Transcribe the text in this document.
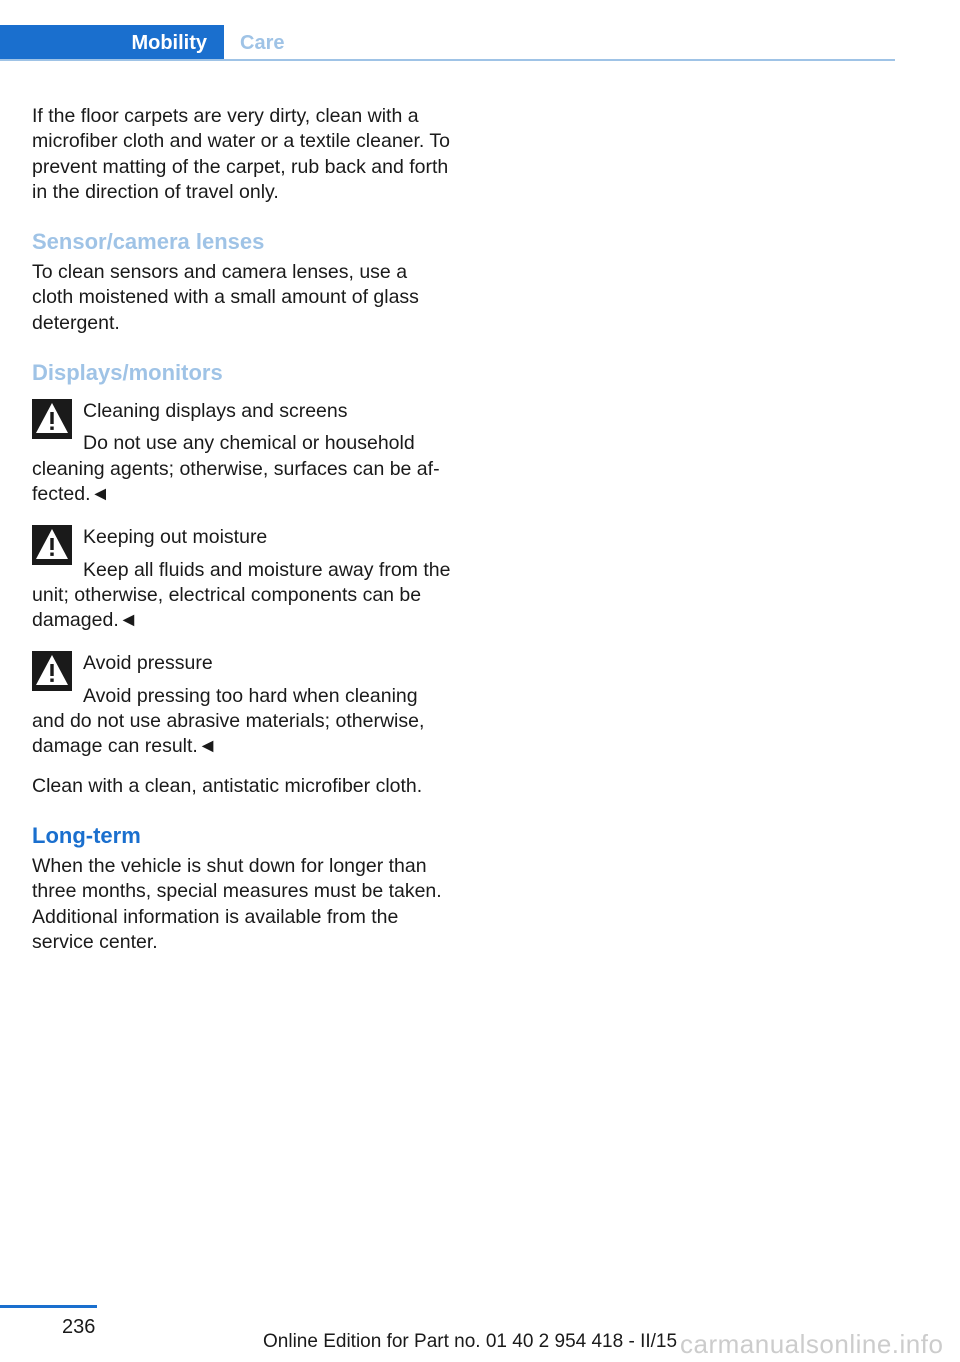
Mobility Care

If the floor carpets are very dirty, clean with a microfiber cloth and water or a textile cleaner. To prevent matting of the carpet, rub back and forth in the direction of travel only.

Sensor/camera lenses

To clean sensors and camera lenses, use a cloth moistened with a small amount of glass detergent.

Displays/monitors
Cleaning displays and screens
Do not use any chemical or household cleaning agents; otherwise, surfaces can be affected.◄
Keeping out moisture
Keep all fluids and moisture away from the unit; otherwise, electrical components can be damaged.◄
Avoid pressure
Avoid pressing too hard when cleaning and do not use abrasive materials; otherwise, damage can result.◄

Clean with a clean, antistatic microfiber cloth.

Long-term

When the vehicle is shut down for longer than three months, special measures must be taken. Additional information is available from the service center.

236
Online Edition for Part no. 01 40 2 954 418 - II/15 carmanualsonline.info
